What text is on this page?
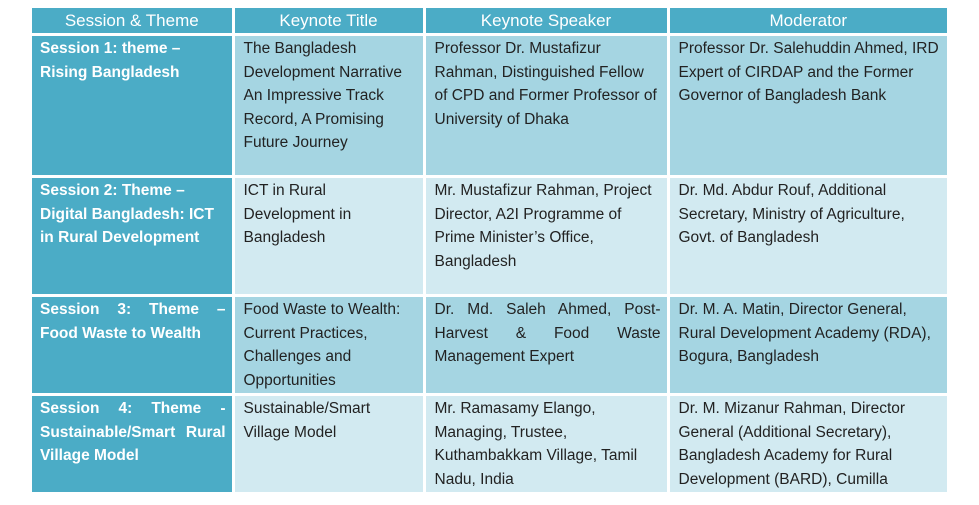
Session & Theme	Keynote Title	Keynote Speaker	Moderator
Session 1: theme – Rising Bangladesh	The Bangladesh Development Narrative An Impressive Track Record, A Promising Future Journey	Professor Dr. Mustafizur Rahman, Distinguished Fellow of CPD and Former Professor of University of Dhaka	Professor Dr. Salehuddin Ahmed, IRD Expert of CIRDAP and the Former Governor of Bangladesh Bank
Session 2: Theme – Digital Bangladesh: ICT in Rural Development	ICT in Rural Development in Bangladesh	Mr. Mustafizur Rahman, Project Director, A2I Programme of Prime Minister’s Office, Bangladesh	Dr. Md. Abdur Rouf, Additional Secretary, Ministry of Agriculture, Govt. of Bangladesh
Session 3: Theme – Food Waste to Wealth	Food Waste to Wealth: Current Practices, Challenges and Opportunities	Dr. Md. Saleh Ahmed, Post-Harvest & Food Waste Management Expert	Dr. M. A. Matin, Director General, Rural Development Academy (RDA), Bogura, Bangladesh
Session 4: Theme - Sustainable/Smart Rural Village Model	Sustainable/Smart Village Model	Mr. Ramasamy Elango, Managing, Trustee, Kuthambakkam Village, Tamil Nadu, India	Dr. M. Mizanur Rahman, Director General (Additional Secretary), Bangladesh Academy for Rural Development (BARD), Cumilla
